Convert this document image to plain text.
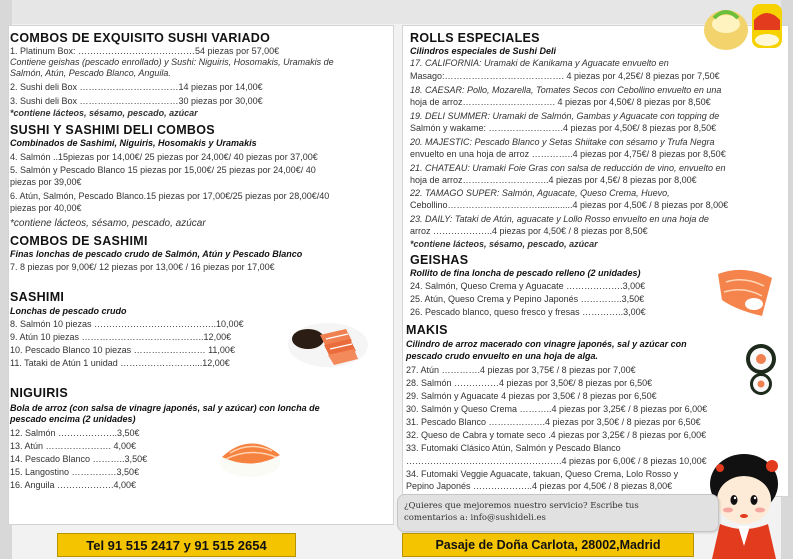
COMBOS DE EXQUISITO SUSHI VARIADO
1. Platinum Box: …………………………………54 piezas por 57,00€
Contiene geishas (pescado enrollado) y Sushi: Niguiris, Hosomakis, Uramakis de
Salmón, Atún, Pescado Blanco, Anguila.
2. Sushi deli Box ……………………………14 piezas por 14,00€
3. Sushi deli Box ……………………………30 piezas por 30,00€
*contiene lácteos, sésamo, pescado, azúcar
SUSHI Y SASHIMI DELI COMBOS
Combinados de Sashimi, Niguiris, Hosomakis y Uramakis
4. Salmón ..15piezas por 14,00€/ 25 piezas por 24,00€/ 40 piezas por 37,00€
5. Salmón y Pescado Blanco 15 piezas por 15,00€/ 25 piezas por 24,00€/ 40
piezas por 39,00€
6. Atún, Salmón, Pescado Blanco.15 piezas por 17,00€/25 piezas por 28,00€/40
piezas por 40,00€
*contiene lácteos, sésamo, pescado, azúcar
COMBOS DE SASHIMI
Finas lonchas de pescado crudo de Salmón, Atún y Pescado Blanco
7. 8 piezas por 9,00€/ 12 piezas por 13,00€ / 16 piezas por 17,00€
SASHIMI
Lonchas de pescado crudo
8. Salmón 10 piezas …………………………………..10,00€
9. Atún 10 piezas …………………………………..12,00€
10. Pescado Blanco 10 piezas …………………… 11,00€
11. Tataki de Atún 1 unidad ……………………....12,00€
NIGUIRIS
Bola de arroz (con salsa de vinagre japonés, sal y azúcar) con loncha de
pescado encima (2 unidades)
12. Salmón ………………..3,50€
13. Atún …………………. 4,00€
14. Pescado Blanco ………..3,50€
15. Langostino ……………3,50€
16. Anguila ……………….4,00€
ROLLS ESPECIALES
Cilindros especiales de Sushi Deli
17. CALIFORNIA: Uramaki de Kanikama y Aguacate envuelto en
Masago:…………………………………. 4 piezas por 4,25€/ 8 piezas por 7,50€
18. CAESAR: Pollo, Mozarella, Tomates Secos con Cebollino envuelto en una
hoja de arroz…………………………. 4 piezas por 4,50€/ 8 piezas por 8,50€
19. DELI SUMMER: Uramaki de Salmón, Gambas y Aguacate con topping de
Salmón y wakame: …………………….4 piezas por 4,50€/ 8 piezas por 8,50€
20. MAJESTIC: Pescado Blanco y Setas Shiitake con sésamo y Trufa Negra
envuelto en una hoja de arroz …………..4 piezas por 4,75€/ 8 piezas por 8,50€
21. CHATEAU: Uramaki Foie Gras con salsa de reducción de vino, envuelto en
hoja de arroz………………………..4 piezas por 4,5€/ 8 piezas por 8,00€
22. TAMAGO SUPER: Salmón, Aguacate, Queso Crema, Huevo,
Cebollino…………………………..............4 piezas por 4,50€ / 8 piezas por 8,00€
23. DAILY: Tataki de Atún, aguacate y Lollo Rosso envuelto en una hoja de
arroz ………………..4 piezas por 4,50€ / 8 piezas por 8,50€
*contiene lácteos, sésamo, pescado, azúcar
GEISHAS
Rollito de fina loncha de pescado relleno (2 unidades)
24. Salmón, Queso Crema y Aguacate ……………….3,00€
25. Atún, Queso Crema y Pepino Japonés …………..3,50€
26. Pescado blanco, queso fresco y fresas …………..3,00€
MAKIS
Cilindro de arroz macerado con vinagre japonés, sal y azúcar con
pescado crudo envuelto en una hoja de alga.
27. Atún ………….4 piezas por 3,75€ / 8 piezas por 7,00€
28. Salmón ……………4 piezas por 3,50€/ 8 piezas por 6,50€
29. Salmón y Aguacate 4 piezas por 3,50€ / 8 piezas por 6,50€
30. Salmón y Queso Crema ………..4 piezas por 3,25€ / 8 piezas por 6,00€
31. Pescado Blanco ……………….4 piezas por 3,50€ / 8 piezas por 6,50€
32. Queso de Cabra y tomate seco .4 piezas por 3,25€ / 8 piezas por 6,00€
33. Futomaki Clásico Atún, Salmón y Pescado Blanco
…………………………………………….4 piezas por 6,00€ / 8 piezas 10,00€
34. Futomaki Veggie Aguacate, takuan, Queso Crema, Lolo Rosso y
Pepino Japonés ………………..4 piezas por 4,50€ / 8 piezas 8,00€
¿Quieres que mejoremos nuestro servicio? Escribe tus
comentarios a: info@sushideli.es
Tel 91 515 2417 y 91 515 2654	Pasaje de Doña Carlota, 28002,Madrid
